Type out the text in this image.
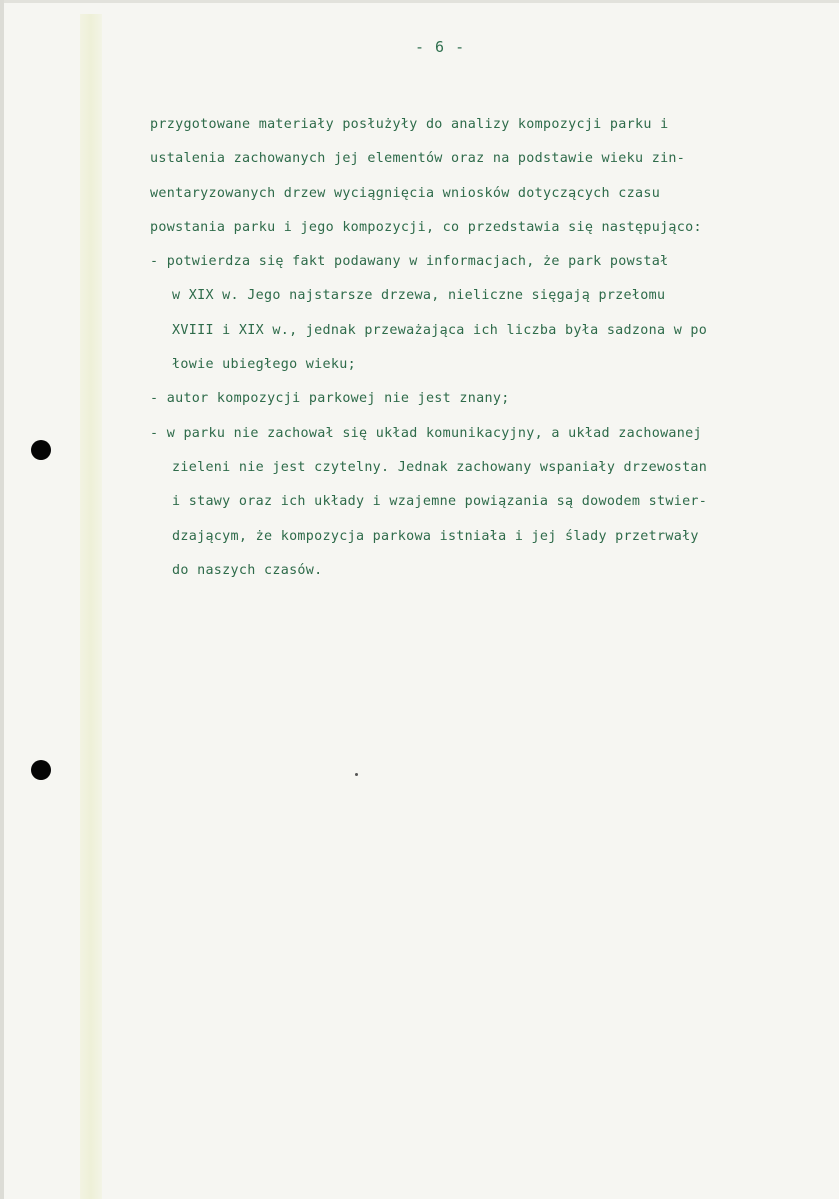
- 6 -
przygotowane materiały posłużyły do analizy kompozycji parku i
ustalenia zachowanych jej elementów oraz na podstawie wieku zin-
wentaryzowanych drzew wyciągnięcia wniosków dotyczących czasu
powstania parku i jego kompozycji, co przedstawia się następująco:
- potwierdza się fakt podawany w informacjach, że park powstał
w XIX w. Jego najstarsze drzewa, nieliczne sięgają przełomu
XVIII i XIX w., jednak przeważająca ich liczba była sadzona w po
łowie ubiegłego wieku;
- autor kompozycji parkowej nie jest znany;
- w parku nie zachował się układ komunikacyjny, a układ zachowanej
zieleni nie jest czytelny. Jednak zachowany wspaniały drzewostan
i stawy oraz ich układy i wzajemne powiązania są dowodem stwier-
dzającym, że kompozycja parkowa istniała i jej ślady przetrwały
do naszych czasów.
